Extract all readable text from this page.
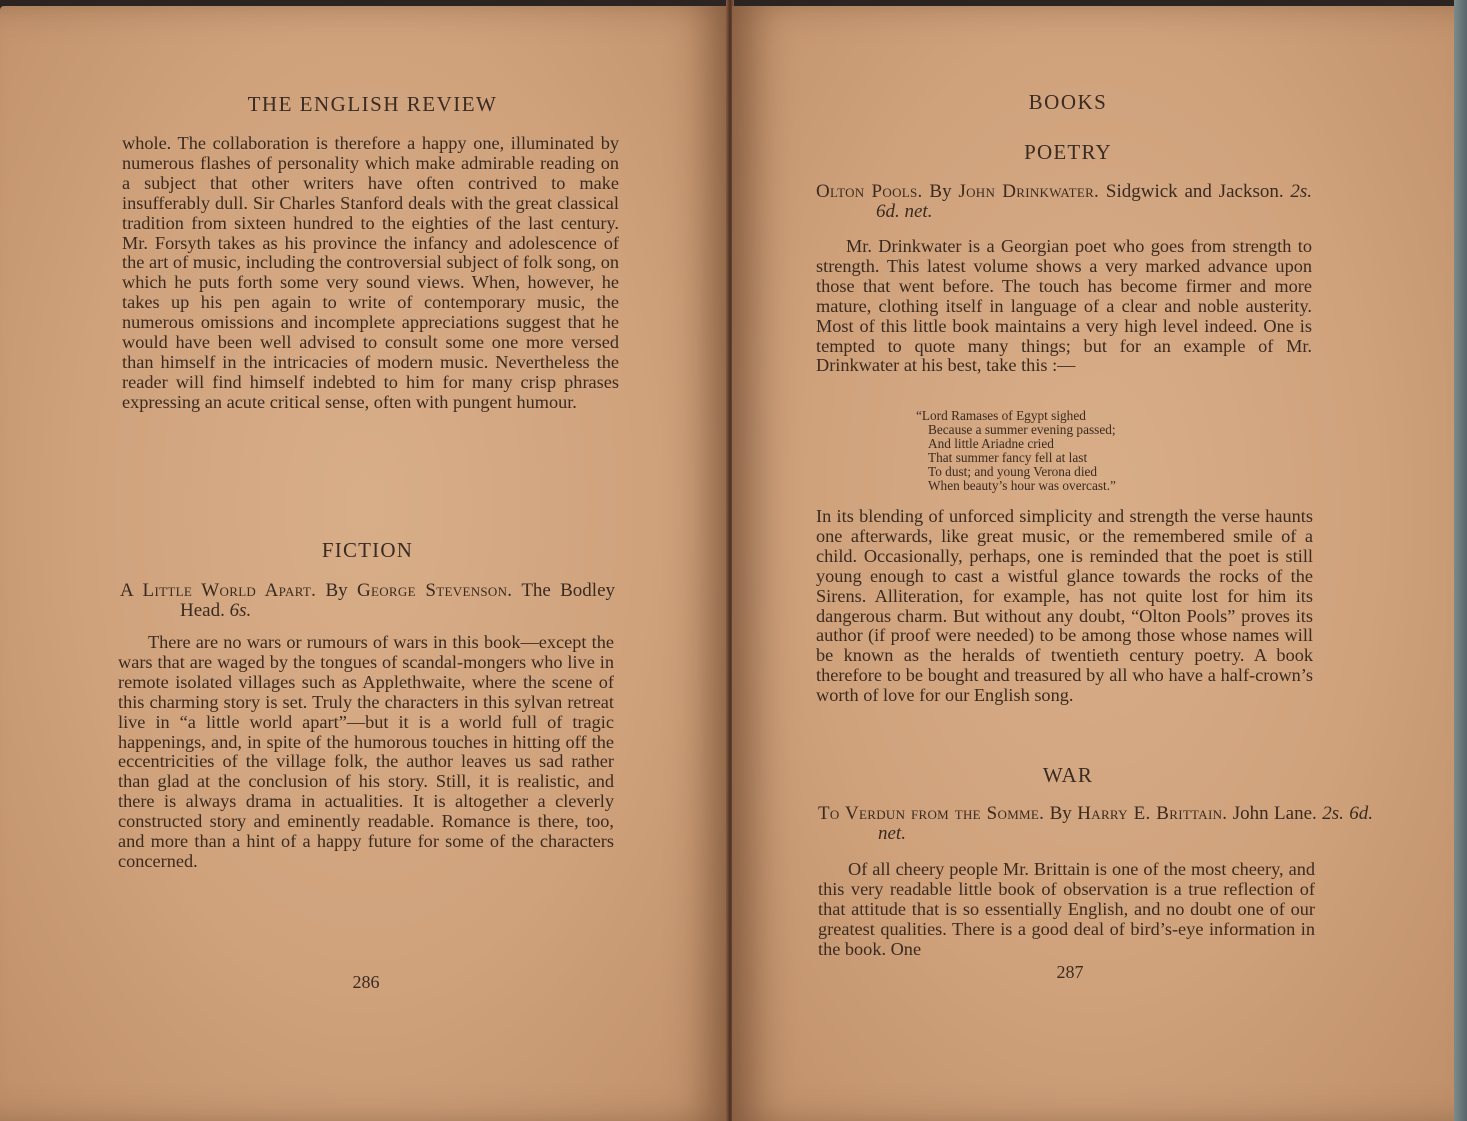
THE ENGLISH REVIEW

whole. The collaboration is therefore a happy one, illuminated by numerous flashes of personality which make admirable reading on a subject that other writers have often contrived to make insufferably dull. Sir Charles Stanford deals with the great classical tradition from sixteen hundred to the eighties of the last century. Mr. Forsyth takes as his province the infancy and adolescence of the art of music, including the controversial subject of folk song, on which he puts forth some very sound views. When, however, he takes up his pen again to write of contemporary music, the numerous omissions and incomplete appreciations suggest that he would have been well advised to consult some one more versed than himself in the intricacies of modern music. Nevertheless the reader will find himself indebted to him for many crisp phrases expressing an acute critical sense, often with pungent humour.

FICTION
A Little World Apart. By George Stevenson. The Bodley Head. 6s.

There are no wars or rumours of wars in this book—except the wars that are waged by the tongues of scandal-mongers who live in remote isolated villages such as Applethwaite, where the scene of this charming story is set. Truly the characters in this sylvan retreat live in “a little world apart”—but it is a world full of tragic happenings, and, in spite of the humorous touches in hitting off the eccentricities of the village folk, the author leaves us sad rather than glad at the conclusion of his story. Still, it is realistic, and there is always drama in actualities. It is altogether a cleverly constructed story and eminently readable. Romance is there, too, and more than a hint of a happy future for some of the characters concerned.

286
BOOKS
POETRY
Olton Pools. By John Drinkwater. Sidgwick and Jackson. 2s. 6d. net.

Mr. Drinkwater is a Georgian poet who goes from strength to strength. This latest volume shows a very marked advance upon those that went before. The touch has become firmer and more mature, clothing itself in language of a clear and noble austerity. Most of this little book maintains a very high level indeed. One is tempted to quote many things; but for an example of Mr. Drinkwater at his best, take this :—

“Lord Ramases of Egypt sighed
Because a summer evening passed;
And little Ariadne cried
That summer fancy fell at last
To dust; and young Verona died
When beauty’s hour was overcast.”

In its blending of unforced simplicity and strength the verse haunts one afterwards, like great music, or the remembered smile of a child. Occasionally, perhaps, one is reminded that the poet is still young enough to cast a wistful glance towards the rocks of the Sirens. Alliteration, for example, has not quite lost for him its dangerous charm. But without any doubt, “Olton Pools” proves its author (if proof were needed) to be among those whose names will be known as the heralds of twentieth century poetry. A book therefore to be bought and treasured by all who have a half-crown’s worth of love for our English song.

WAR
To Verdun from the Somme. By Harry E. Brittain. John Lane. 2s. 6d. net.

Of all cheery people Mr. Brittain is one of the most cheery, and this very readable little book of observation is a true reflection of that attitude that is so essentially English, and no doubt one of our greatest qualities. There is a good deal of bird’s-eye information in the book. One

287
